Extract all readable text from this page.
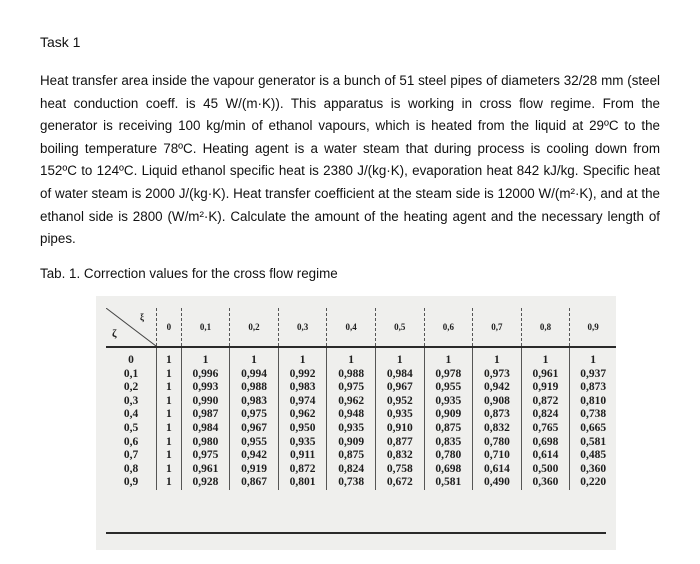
Task 1
Heat transfer area inside the vapour generator is a bunch of 51 steel pipes of diameters 32/28 mm (steel heat conduction coeff. is 45 W/(m·K)). This apparatus is working in cross flow regime. From the generator is receiving 100 kg/min of ethanol vapours, which is heated from the liquid at 29ºC to the boiling temperature 78ºC. Heating agent is a water steam that during process is cooling down from 152ºC to 124ºC. Liquid ethanol specific heat is 2380 J/(kg·K), evaporation heat 842 kJ/kg. Specific heat of water steam is 2000 J/(kg·K). Heat transfer coefficient at the steam side is 12000 W/(m²·K), and at the ethanol side is 2800 (W/m²·K). Calculate the amount of the heating agent and the necessary length of pipes.
Tab. 1. Correction values for the cross flow regime
ξ
ζ	0	0,1	0,2	0,3	0,4	0,5	0,6	0,7	0,8	0,9

0	1	1	1	1	1	1	1	1	1	1
0,1	1	0,996	0,994	0,992	0,988	0,984	0,978	0,973	0,961	0,937
0,2	1	0,993	0,988	0,983	0,975	0,967	0,955	0,942	0,919	0,873
0,3	1	0,990	0,983	0,974	0,962	0,952	0,935	0,908	0,872	0,810
0,4	1	0,987	0,975	0,962	0,948	0,935	0,909	0,873	0,824	0,738
0,5	1	0,984	0,967	0,950	0,935	0,910	0,875	0,832	0,765	0,665
0,6	1	0,980	0,955	0,935	0,909	0,877	0,835	0,780	0,698	0,581
0,7	1	0,975	0,942	0,911	0,875	0,832	0,780	0,710	0,614	0,485
0,8	1	0,961	0,919	0,872	0,824	0,758	0,698	0,614	0,500	0,360
0,9	1	0,928	0,867	0,801	0,738	0,672	0,581	0,490	0,360	0,220
